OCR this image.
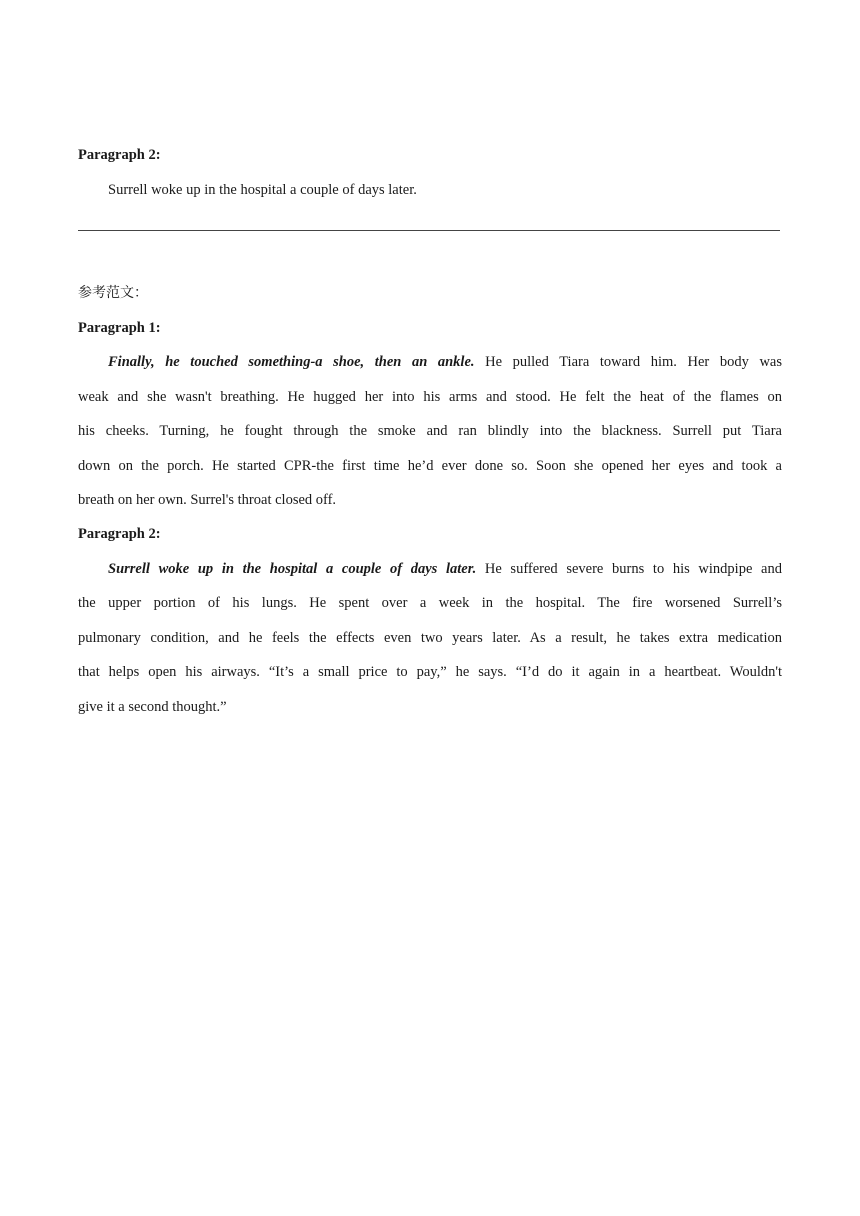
Paragraph 2:
Surrell woke up in the hospital a couple of days later.
参考范文：
Paragraph 1:
Finally, he touched something-a shoe, then an ankle. He pulled Tiara toward him. Her body was
weak and she wasn't breathing. He hugged her into his arms and stood. He felt the heat of the flames on
his cheeks. Turning, he fought through the smoke and ran blindly into the blackness. Surrell put Tiara
down on the porch. He started CPR-the first time he’d ever done so. Soon she opened her eyes and took a
breath on her own. Surrel's throat closed off.
Paragraph 2:
Surrell woke up in the hospital a couple of days later. He suffered severe burns to his windpipe and
the upper portion of his lungs. He spent over a week in the hospital. The fire worsened Surrell’s
pulmonary condition, and he feels the effects even two years later. As a result, he takes extra medication
that helps open his airways. “It’s a small price to pay,” he says. “I’d do it again in a heartbeat. Wouldn't
give it a second thought.”
